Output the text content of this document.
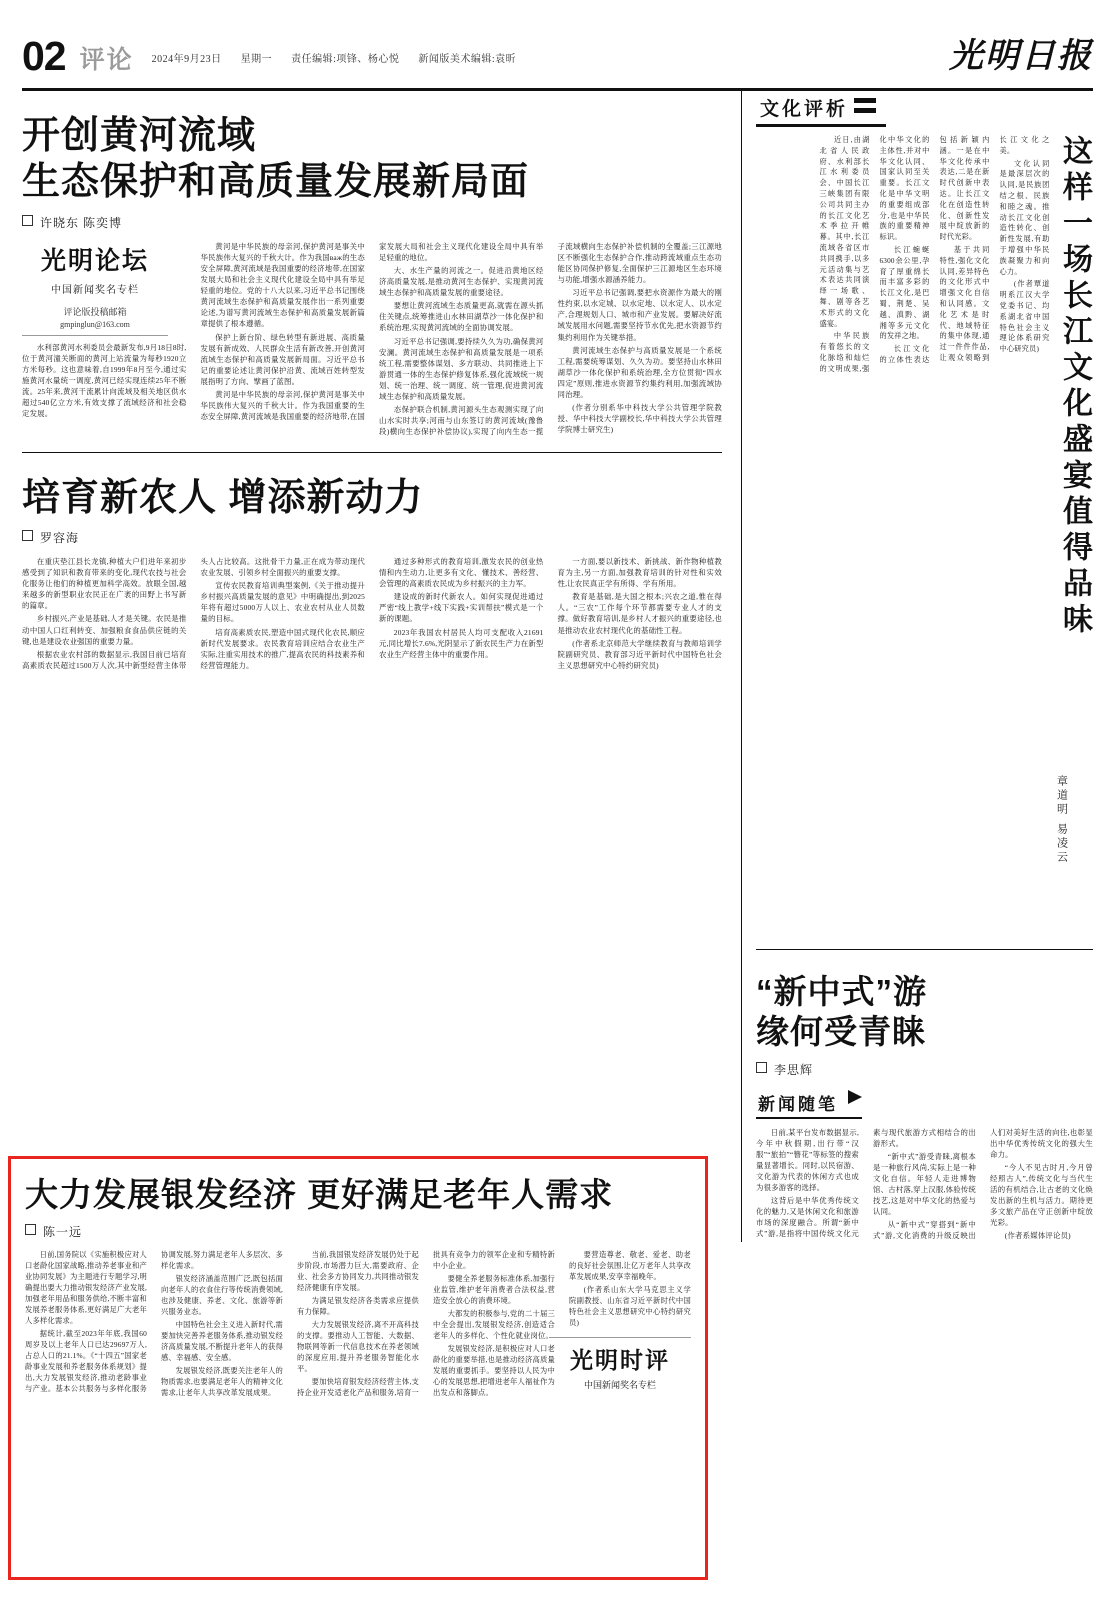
02 评论 2024年9月23日 星期一 责任编辑:项锋、杨心悦 新闻版美术编辑:袁昕	光明日报
文化评析
这样一场长江文化盛宴值得品味
章道明 易凌云

近日,由湖北省人民政府、水利部长江水利委员会、中国长江三峡集团有限公司共同主办的长江文化艺术季拉开帷幕。其中,长江流域各省区市共同携手,以多元活动集与艺术表达共同演绎一场歌、舞、剧等各艺术形式的文化盛宴。

中华民族有着悠长的文化脉络和灿烂的文明成果,强化中华文化的主体性,并对中华文化认同、国家认同至关重要。长江文化是中华文明的重要组成部分,也是中华民族的重要精神标识。

长江蜿蜒6300余公里,孕育了厚重绵长而丰富多彩的长江文化,是巴蜀、荆楚、吴越、滇黔、湖湘等多元文化的发祥之地。

长江文化的立体性表达包括新颖内涵。一是在中华文化传承中表达,二是在新时代创新中表达。让长江文化在创造性转化、创新性发展中绽放新的时代光彩。

基于共同特性,强化文化认同,差异特色的文化形式中增强文化自信和认同感。文化艺术是时代、地域特征的集中体现,通过一件件作品,让观众领略到长江文化之美。

文化认同是最深层次的认同,是民族团结之根、民族和睦之魂。推动长江文化创造性转化、创新性发展,有助于增强中华民族凝聚力和向心力。

(作者覃道明系江汉大学党委书记、均系湖北省中国特色社会主义理论体系研究中心研究员)

“新中式”游
缘何受青睐
李思辉
新闻随笔

日前,某平台发布数据显示,今年中秋假期,出行带“汉服”“旅拍”“簪花”等标签的搜索量显著增长。同时,以民宿游、文化游为代表的休闲方式也成为很多游客的选择。

这背后是中华优秀传统文化的魅力,又是休闲文化和旅游市场的深度融合。所谓“新中式”游,是指将中国传统文化元素与现代旅游方式相结合的出游形式。

“新中式”游受青睐,离根本是一种旅行风尚,实际上是一种文化自信。年轻人走进博物馆、古村落,穿上汉服,体验传统技艺,这是对中华文化的热爱与认同。

从“新中式”穿搭到“新中式”游,文化消费的升级反映出人们对美好生活的向往,也彰显出中华优秀传统文化的强大生命力。

“今人不见古时月,今月曾经照古人”,传统文化与当代生活的有机结合,让古老的文化焕发出新的生机与活力。期待更多文旅产品在守正创新中绽放光彩。

(作者系媒体评论员)

开创黄河流域
生态保护和高质量发展新局面
许晓东 陈奕博
光明论坛
中国新闻奖名专栏
评论版投稿邮箱
gmpinglun@163.com

水利部黄河水利委员会最新发布,9月18日8时,位于黄河潼关断面的黄河上站流量为每秒1920立方米每秒。这也意味着,自1999年8月至今,通过实施黄河水量统一调度,黄河已经实现连续25年不断流。25年来,黄河干流累计向流域及相关地区供水超过540亿立方米,有效支撑了流域经济和社会稳定发展。

黄河是中华民族的母亲河,保护黄河是事关中华民族伟大复兴的千秋大计。作为我国важ的生态安全屏障,黄河流域是我国重要的经济地带,在国家发展大局和社会主义现代化建设全局中具有举足轻重的地位。党的十八大以来,习近平总书记围绕黄河流域生态保护和高质量发展作出一系列重要论述,为谱写黄河流域生态保护和高质量发展新篇章提供了根本遵循。

保护上新台阶、绿色转型有新进展、高质量发展有新成效、人民群众生活有新改善,开创黄河流域生态保护和高质量发展新局面。习近平总书记的重要论述让黄河保护沿黄、流域百姓转型发展指明了方向、擘画了蓝图。

黄河是中华民族的母亲河,保护黄河是事关中华民族伟大复兴的千秋大计。作为我国重要的生态安全屏障,黄河流域是我国重要的经济地带,在国家发展大局和社会主义现代化建设全局中具有举足轻重的地位。

大、水生产量的河流之一。促进沿黄地区经济高质量发展,是推动黄河生态保护、实现黄河流域生态保护和高质量发展的重要途径。

要想让黄河流域生态质量更高,就需在源头抓住关键点,统筹推进山水林田湖草沙一体化保护和系统治理,实现黄河流域的全面协调发展。

习近平总书记强调,要持续久久为功,确保黄河安澜。黄河流域生态保护和高质量发展是一项系统工程,需要整体谋划、多方联动、共同推进上下游贯通一体的生态保护修复体系,强化流域统一规划、统一治理、统一调度、统一管理,促进黄河流域生态保护和高质量发展。

态保护联合机制,黄河源头生态观测实现了向山水实时共享;河南与山东签订的黄河流域(豫鲁段)横向生态保护补偿协议),实现了向内生态一揽子流域横向生态保护补偿机制的全覆盖;三江源地区不断强化生态保护合作,推动跨流域重点生态功能区协同保护修复,全面保护三江源地区生态环境与功能,增强水源涵养能力。

习近平总书记强调,要把水资源作为最大的刚性约束,以水定城、以水定地、以水定人、以水定产,合理规划人口、城市和产业发展。要解决好流域发展用水问题,需要坚持节水优先,把水资源节约集约利用作为关键举措。

黄河流域生态保护与高质量发展是一个系统工程,需要统筹谋划、久久为功。要坚持山水林田湖草沙一体化保护和系统治理,全方位贯彻“四水四定”原则,推进水资源节约集约利用,加强流域协同治理。

(作者分别系华中科技大学公共管理学院教授、华中科技大学副校长,华中科技大学公共管理学院博士研究生)

培育新农人 增添新动力
罗容海

在重庆垫江县长龙镇,种植大户们进年来初步感受到了知识和教育带来的变化,现代农技与社会化服务让他们的种植更加科学高效。放眼全国,越来越多的新型职业农民正在广袤的田野上书写新的篇章。

乡村振兴,产业是基础,人才是关键。农民是推动中国人口红利转变、加强粮食食品供应链的关键,也是建设农业强国的重要力量。

根据农业农村部的数据显示,我国目前已培育高素质农民超过1500万人次,其中新型经营主体带头人占比较高。这批骨干力量,正在成为带动现代农业发展、引领乡村全面振兴的重要支撑。

宣传农民教育培训典型案例,《关于推动提升乡村振兴高质量发展的意见》中明确提出,到2025年将有超过5000万人以上、农业农村从业人员数量的目标。

培育高素质农民,塑造中国式现代化农民,顺应新时代发展要求。农民教育培训应结合农业生产实际,注重实用技术的推广,提高农民的科技素养和经营管理能力。

通过多种形式的教育培训,激发农民的创业热情和内生动力,让更多有文化、懂技术、善经营、会管理的高素质农民成为乡村振兴的主力军。

建设成的新时代新农人。如何实现促进通过严密“线上教学+线下实践+实训帮扶”模式是一个新的课题。

2023年我国农村居民人均可支配收入21691元,同比增长7.6%,光阴显示了新农民生产力在新型农业生产经营主体中的重要作用。

一方面,要以新技术、新挑战、新作物种植教育为主,另一方面,加强教育培训的针对性和实效性,让农民真正学有所得、学有所用。

教育是基础,是大国之根本;兴农之道,惟在得人。“三农”工作每个环节都需要专业人才的支撑。做好教育培训,是乡村人才振兴的重要途径,也是推动农业农村现代化的基础性工程。

(作者系北京师范大学继续教育与教师培训学院副研究员、教育部习近平新时代中国特色社会主义思想研究中心特约研究员)

大力发展银发经济 更好满足老年人需求
陈一远

日前,国务院以《实施积极应对人口老龄化国家战略,推动养老事业和产业协同发展》为主题进行专题学习,明确提出要大力推动银发经济产业发展,加强老年用品和服务供给,不断丰富和发展养老服务体系,更好满足广大老年人多样化需求。

据统计,截至2023年年底,我国60周岁及以上老年人口已达29697万人,占总人口的21.1%。《“十四五”国家老龄事业发展和养老服务体系规划》提出,大力发展银发经济,推动老龄事业与产业。基本公共服务与多样化服务协调发展,努力满足老年人多层次、多样化需求。

银发经济涵盖范围广泛,既包括面向老年人的衣食住行等传统消费领域,也涉及健康、养老、文化、旅游等新兴服务业态。

中国特色社会主义进入新时代,需要加快完善养老服务体系,推动银发经济高质量发展,不断提升老年人的获得感、幸福感、安全感。

发展银发经济,既要关注老年人的物质需求,也要满足老年人的精神文化需求,让老年人共享改革发展成果。

当前,我国银发经济发展仍处于起步阶段,市场潜力巨大,需要政府、企业、社会多方协同发力,共同推动银发经济健康有序发展。

为满足银发经济各类需求应提供有力保障。

大力发展银发经济,离不开高科技的支撑。要推动人工智能、大数据、物联网等新一代信息技术在养老领域的深度应用,提升养老服务智能化水平。

要加快培育银发经济经营主体,支持企业开发适老化产品和服务,培育一批具有竞争力的领军企业和专精特新中小企业。

要健全养老服务标准体系,加强行业监管,维护老年消费者合法权益,营造安全放心的消费环境。

大都发的积极参与,党的二十届三中全会提出,发展银发经济,创造适合老年人的多样化、个性化就业岗位。

发展银发经济,是积极应对人口老龄化的重要举措,也是推动经济高质量发展的重要抓手。要坚持以人民为中心的发展思想,把增进老年人福祉作为出发点和落脚点。

要营造尊老、敬老、爱老、助老的良好社会氛围,让亿万老年人共享改革发展成果,安享幸福晚年。

(作者系山东大学马克思主义学院副教授、山东省习近平新时代中国特色社会主义思想研究中心特约研究员)

光明时评
中国新闻奖名专栏
